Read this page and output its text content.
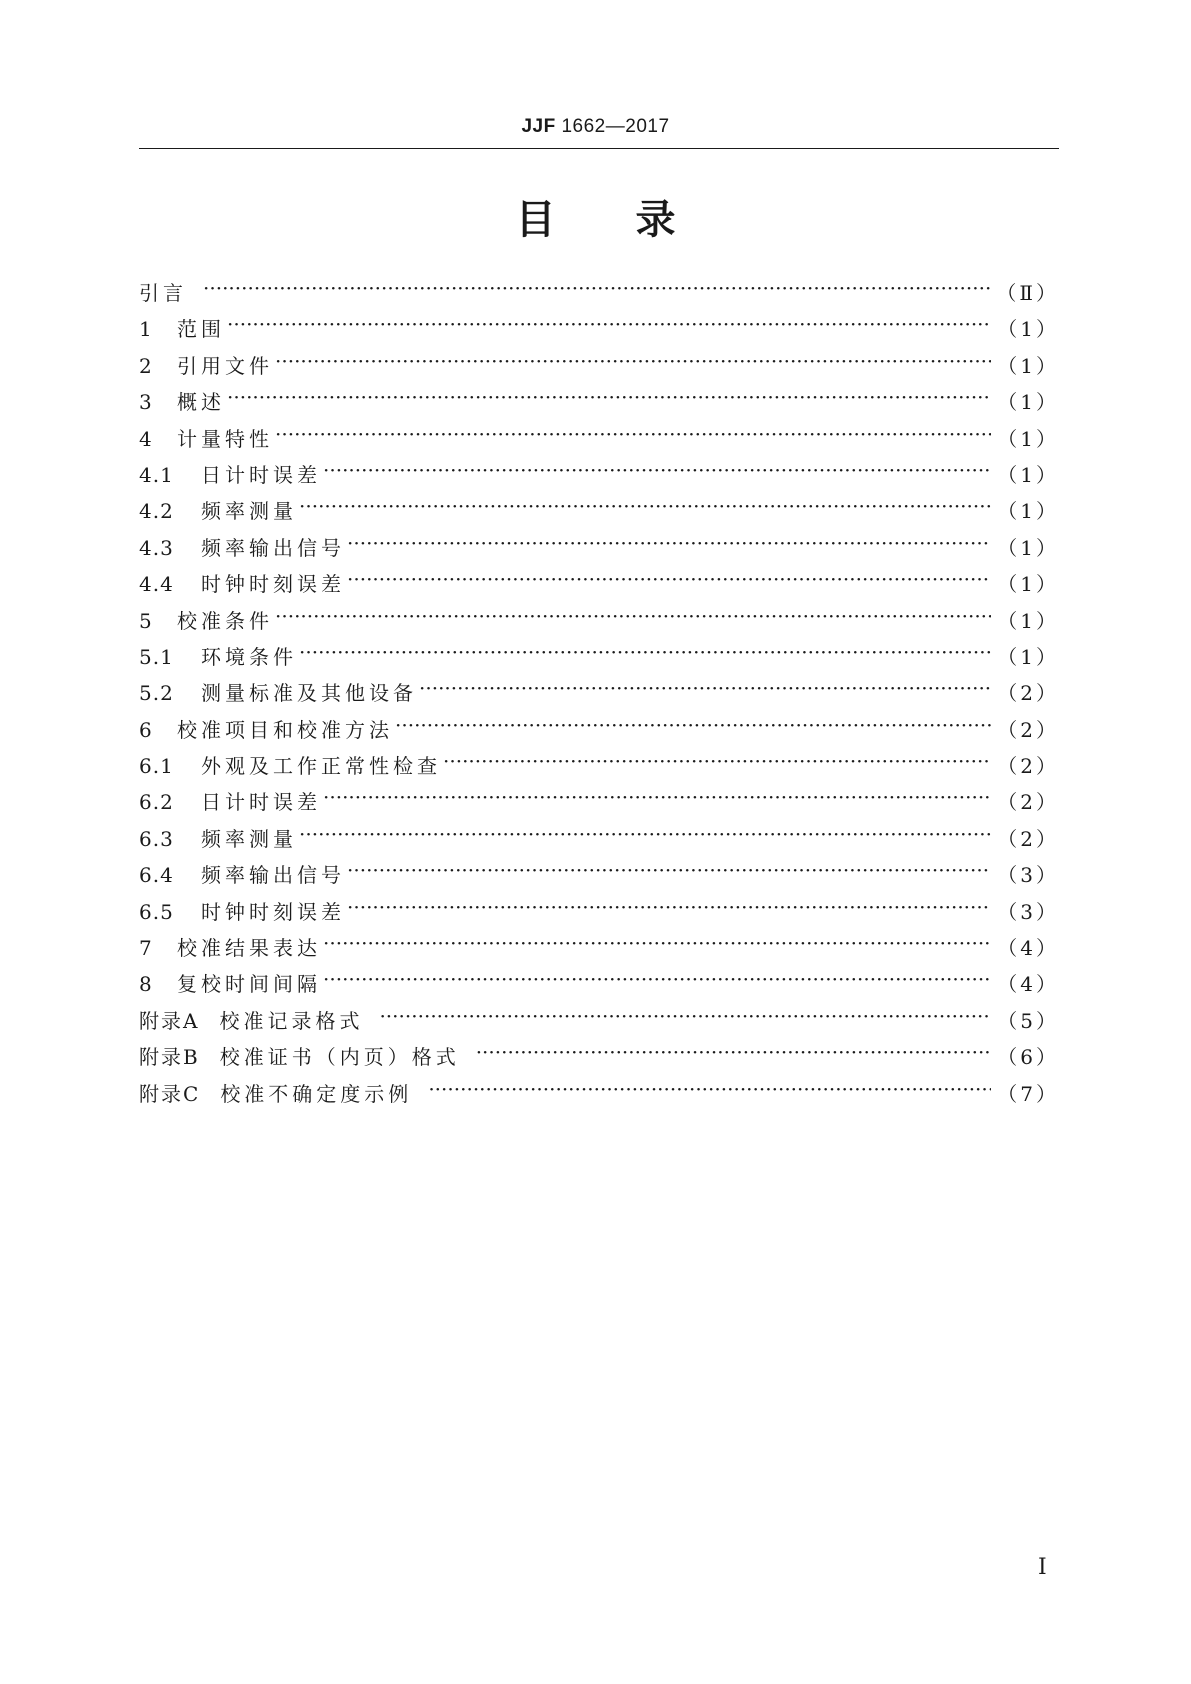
JJF 1662—2017
目录
引言 ·····	（Ⅱ）
1	范围 ·····	（1）
2	引用文件 ·····	（1）
3	概述 ·····	（1）
4	计量特性 ·····	（1）
4.1	日计时误差 ·····	（1）
4.2	频率测量 ·····	（1）
4.3	频率输出信号 ·····	（1）
4.4	时钟时刻误差 ·····	（1）
5	校准条件 ·····	（1）
5.1	环境条件 ·····	（1）
5.2	测量标准及其他设备 ·····	（2）
6	校准项目和校准方法 ·····	（2）
6.1	外观及工作正常性检查 ·····	（2）
6.2	日计时误差 ·····	（2）
6.3	频率测量 ·····	（2）
6.4	频率输出信号 ·····	（3）
6.5	时钟时刻误差 ·····	（3）
7	校准结果表达 ·····	（4）
8	复校时间间隔 ·····	（4）
附录A 校准记录格式 ·····	（5）
附录B 校准证书（内页）格式 ·····	（6）
附录C 校准不确定度示例 ·····	（7）
Ⅰ
